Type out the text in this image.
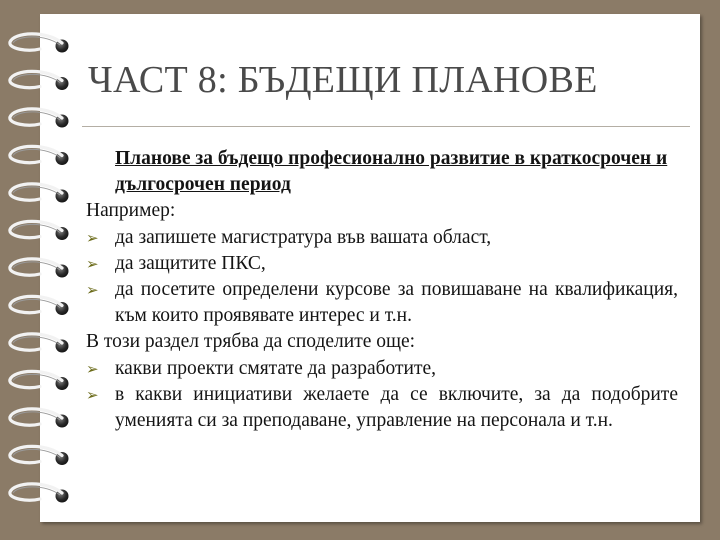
ЧАСТ 8: БЪДЕЩИ ПЛАНОВЕ

Планове за бъдещо професионално развитие в краткосрочен и дългосрочен период

Например:

➢ да запишете магистратура във вашата област,

➢ да защитите ПКС,

➢ да посетите определени курсове за повишаване на квалификация, към които проявявате интерес и т.н.

В този раздел трябва да споделите още:

➢ какви проекти смятате да разработите,

➢ в какви инициативи желаете да се включите, за да подобрите уменията си за преподаване, управление на персонала и т.н.
